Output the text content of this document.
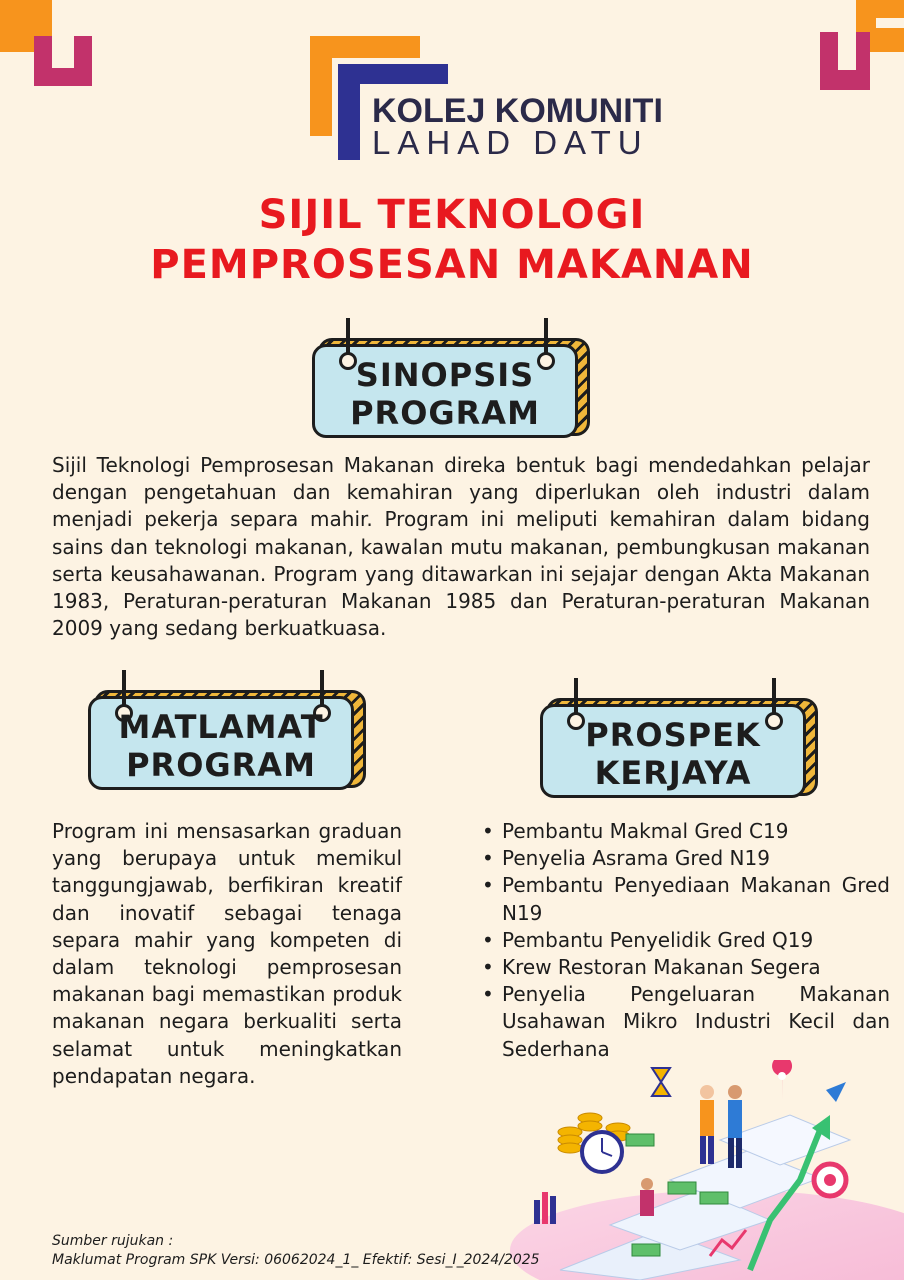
KOLEJ KOMUNITI
LAHAD DATU
SIJIL TEKNOLOGI
PEMPROSESAN MAKANAN
SINOPSIS
PROGRAM
Sijil Teknologi Pemprosesan Makanan direka bentuk bagi mendedahkan pelajar dengan pengetahuan dan kemahiran yang diperlukan oleh industri dalam menjadi pekerja separa mahir. Program ini meliputi kemahiran dalam bidang sains dan teknologi makanan, kawalan mutu makanan, pembungkusan makanan serta keusahawanan. Program yang ditawarkan ini sejajar dengan Akta Makanan 1983, Peraturan-peraturan Makanan 1985 dan Peraturan-peraturan Makanan 2009 yang sedang berkuatkuasa.
MATLAMAT
PROGRAM
PROSPEK
KERJAYA
Program ini mensasarkan graduan yang berupaya untuk memikul tanggungjawab, berfikiran kreatif dan inovatif sebagai tenaga separa mahir yang kompeten di dalam teknologi pemprosesan makanan bagi memastikan produk makanan negara berkualiti serta selamat untuk meningkatkan pendapatan negara.
• Pembantu Makmal Gred C19
• Penyelia Asrama Gred N19
• Pembantu Penyediaan Makanan Gred N19
• Pembantu Penyelidik Gred Q19
• Krew Restoran Makanan Segera
• Penyelia Pengeluaran Makanan Usahawan Mikro Industri Kecil dan Sederhana
Sumber rujukan :
Maklumat Program SPK Versi: 06062024_1_ Efektif: Sesi_I_2024/2025
